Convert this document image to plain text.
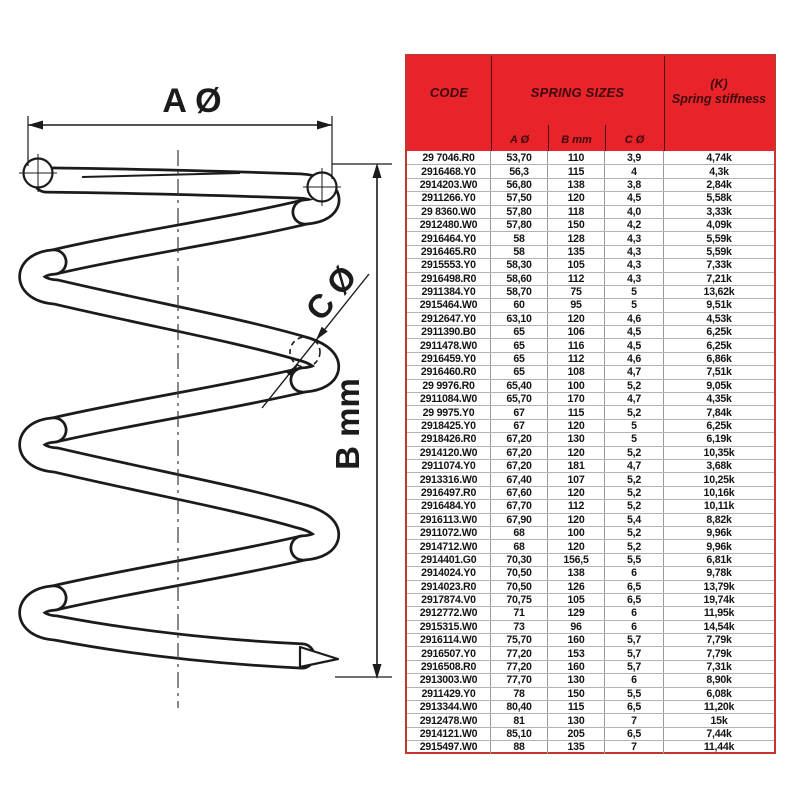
A Ø
B mm
C Ø
CODE	SPRING SIZES
(K)
Spring stiffness
A Ø	B mm	C Ø
29 7046.R0	53,70	110	3,9	4,74k
2916468.Y0	56,3	115	4	4,3k
2914203.W0	56,80	138	3,8	2,84k
2911266.Y0	57,50	120	4,5	5,58k
29 8360.W0	57,80	118	4,0	3,33k
2912480.W0	57,80	150	4,2	4,09k
2916464.Y0	58	128	4,3	5,59k
2916465.R0	58	135	4,3	5,59k
2915553.Y0	58,30	105	4,3	7,33k
2916498.R0	58,60	112	4,3	7,21k
2911384.Y0	58,70	75	5	13,62k
2915464.W0	60	95	5	9,51k
2912647.Y0	63,10	120	4,6	4,53k
2911390.B0	65	106	4,5	6,25k
2911478.W0	65	116	4,5	6,25k
2916459.Y0	65	112	4,6	6,86k
2916460.R0	65	108	4,7	7,51k
29 9976.R0	65,40	100	5,2	9,05k
2911084.W0	65,70	170	4,7	4,35k
29 9975.Y0	67	115	5,2	7,84k
2918425.Y0	67	120	5	6,25k
2918426.R0	67,20	130	5	6,19k
2914120.W0	67,20	120	5,2	10,35k
2911074.Y0	67,20	181	4,7	3,68k
2913316.W0	67,40	107	5,2	10,25k
2916497.R0	67,60	120	5,2	10,16k
2916484.Y0	67,70	112	5,2	10,11k
2916113.W0	67,90	120	5,4	8,82k
2911072.W0	68	100	5,2	9,96k
2914712.W0	68	120	5,2	9,96k
2914401.G0	70,30	156,5	5,5	6,81k
2914024.Y0	70,50	138	6	9,78k
2914023.R0	70,50	126	6,5	13,79k
2917874.V0	70,75	105	6,5	19,74k
2912772.W0	71	129	6	11,95k
2915315.W0	73	96	6	14,54k
2916114.W0	75,70	160	5,7	7,79k
2916507.Y0	77,20	153	5,7	7,79k
2916508.R0	77,20	160	5,7	7,31k
2913003.W0	77,70	130	6	8,90k
2911429.Y0	78	150	5,5	6,08k
2913344.W0	80,40	115	6,5	11,20k
2912478.W0	81	130	7	15k
2914121.W0	85,10	205	6,5	7,44k
2915497.W0	88	135	7	11,44k
